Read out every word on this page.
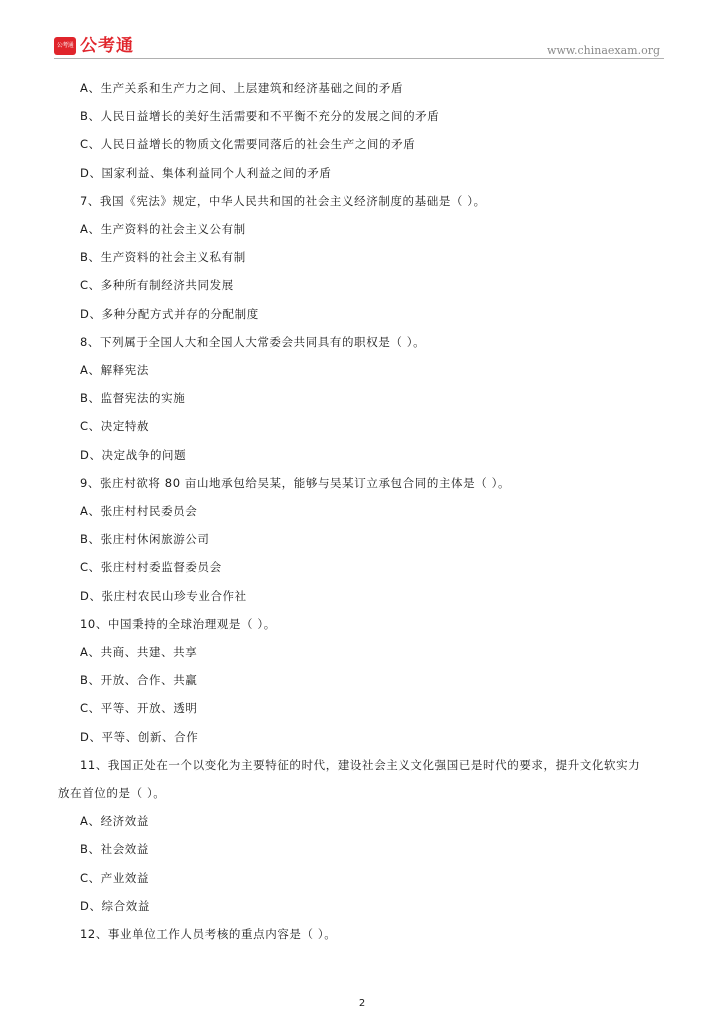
公考通 公考通	www.chinaexam.org
A、生产关系和生产力之间、上层建筑和经济基础之间的矛盾
B、人民日益增长的美好生活需要和不平衡不充分的发展之间的矛盾
C、人民日益增长的物质文化需要同落后的社会生产之间的矛盾
D、国家利益、集体利益同个人利益之间的矛盾
7、我国《宪法》规定，中华人民共和国的社会主义经济制度的基础是（ ）。
A、生产资料的社会主义公有制
B、生产资料的社会主义私有制
C、多种所有制经济共同发展
D、多种分配方式并存的分配制度
8、下列属于全国人大和全国人大常委会共同具有的职权是（ ）。
A、解释宪法
B、监督宪法的实施
C、决定特赦
D、决定战争的问题
9、张庄村欲将 80 亩山地承包给吴某，能够与吴某订立承包合同的主体是（ ）。
A、张庄村村民委员会
B、张庄村休闲旅游公司
C、张庄村村委监督委员会
D、张庄村农民山珍专业合作社
10、中国秉持的全球治理观是（ ）。
A、共商、共建、共享
B、开放、合作、共赢
C、平等、开放、透明
D、平等、创新、合作
11、我国正处在一个以变化为主要特征的时代，建设社会主义文化强国已是时代的要求，提升文化软实力
放在首位的是（ ）。
A、经济效益
B、社会效益
C、产业效益
D、综合效益
12、事业单位工作人员考核的重点内容是（ ）。
2
